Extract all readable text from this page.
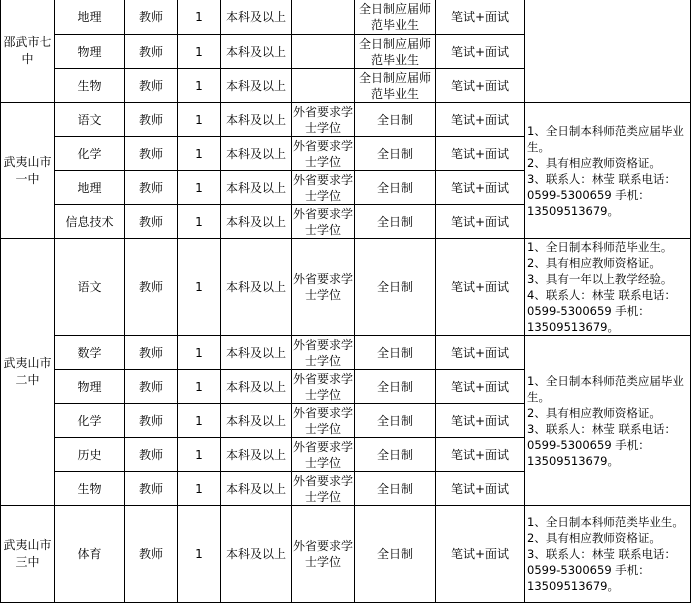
邵武市七中	地理	教师	1	本科及以上		全日制应届师范毕业生	笔试+面试	
	物理	教师	1	本科及以上		全日制应届师范毕业生	笔试+面试	
	生物	教师	1	本科及以上		全日制应届师范毕业生	笔试+面试	
武夷山市一中	语文	教师	1	本科及以上	外省要求学士学位	全日制	笔试+面试	1、全日制本科师范类应届毕业生。
2、具有相应教师资格证。
3、联系人：林莹 联系电话：0599-5300659 手机：13509513679。

	化学	教师	1	本科及以上	外省要求学士学位	全日制	笔试+面试	
	地理	教师	1	本科及以上	外省要求学士学位	全日制	笔试+面试	
	信息技术	教师	1	本科及以上	外省要求学士学位	全日制	笔试+面试	
武夷山市二中	语文	教师	1	本科及以上	外省要求学士学位	全日制	笔试+面试	1、全日制本科师范毕业生。
2、具有相应教师资格证。
3、具有一年以上教学经验。
4、联系人：林莹 联系电话：0599-5300659 手机：13509513679。

	数学	教师	1	本科及以上	外省要求学士学位	全日制	笔试+面试	1、全日制本科师范类应届毕业生。
2、具有相应教师资格证。
3、联系人：林莹 联系电话：0599-5300659 手机：13509513679。

	物理	教师	1	本科及以上	外省要求学士学位	全日制	笔试+面试	
	化学	教师	1	本科及以上	外省要求学士学位	全日制	笔试+面试	
	历史	教师	1	本科及以上	外省要求学士学位	全日制	笔试+面试	
	生物	教师	1	本科及以上	外省要求学士学位	全日制	笔试+面试	
武夷山市三中	体育	教师	1	本科及以上	外省要求学士学位	全日制	笔试+面试	1、全日制本科师范类毕业生。
2、具有相应教师资格证。
3、联系人：林莹 联系电话：0599-5300659 手机：13509513679。
